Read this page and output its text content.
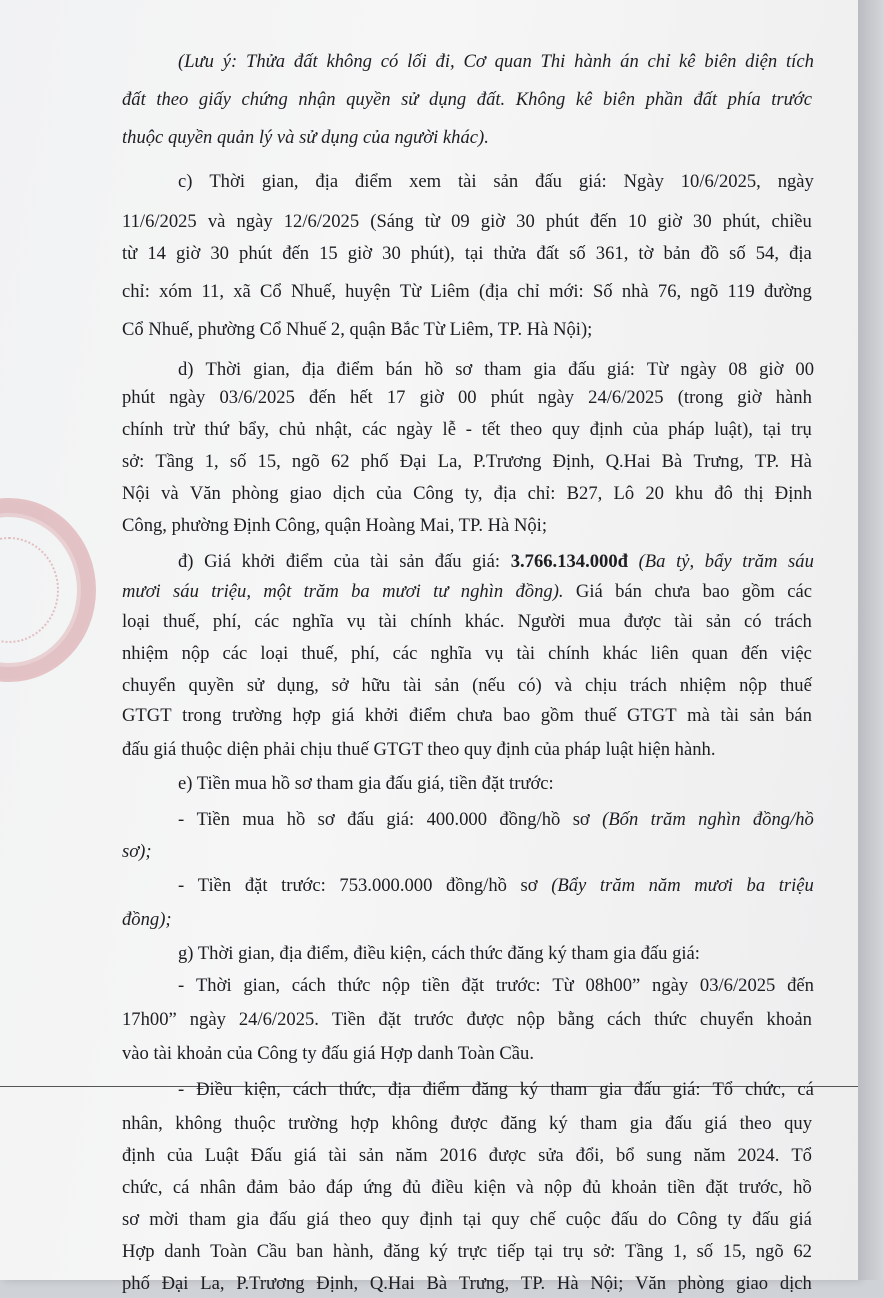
(Lưu ý: Thửa đất không có lối đi, Cơ quan Thi hành án chỉ kê biên diện tích
đất theo giấy chứng nhận quyền sử dụng đất. Không kê biên phần đất phía trước
thuộc quyền quản lý và sử dụng của người khác).
c) Thời gian, địa điểm xem tài sản đấu giá: Ngày 10/6/2025, ngày
11/6/2025 và ngày 12/6/2025 (Sáng từ 09 giờ 30 phút đến 10 giờ 30 phút, chiều
từ 14 giờ 30 phút đến 15 giờ 30 phút), tại thửa đất số 361, tờ bản đồ số 54, địa
chỉ: xóm 11, xã Cổ Nhuế, huyện Từ Liêm (địa chỉ mới: Số nhà 76, ngõ 119 đường
Cổ Nhuế, phường Cổ Nhuế 2, quận Bắc Từ Liêm, TP. Hà Nội);
d) Thời gian, địa điểm bán hồ sơ tham gia đấu giá: Từ ngày 08 giờ 00
phút ngày 03/6/2025 đến hết 17 giờ 00 phút ngày 24/6/2025 (trong giờ hành
chính trừ thứ bẩy, chủ nhật, các ngày lễ - tết theo quy định của pháp luật), tại trụ
sở: Tầng 1, số 15, ngõ 62 phố Đại La, P.Trương Định, Q.Hai Bà Trưng, TP. Hà
Nội và Văn phòng giao dịch của Công ty, địa chỉ: B27, Lô 20 khu đô thị Định
Công, phường Định Công, quận Hoàng Mai, TP. Hà Nội;
đ) Giá khởi điểm của tài sản đấu giá: 3.766.134.000đ (Ba tỷ, bẩy trăm sáu
mươi sáu triệu, một trăm ba mươi tư nghìn đồng). Giá bán chưa bao gồm các
loại thuế, phí, các nghĩa vụ tài chính khác. Người mua được tài sản có trách
nhiệm nộp các loại thuế, phí, các nghĩa vụ tài chính khác liên quan đến việc
chuyển quyền sử dụng, sở hữu tài sản (nếu có) và chịu trách nhiệm nộp thuế
GTGT trong trường hợp giá khởi điểm chưa bao gồm thuế GTGT mà tài sản bán
đấu giá thuộc diện phải chịu thuế GTGT theo quy định của pháp luật hiện hành.
e) Tiền mua hồ sơ tham gia đấu giá, tiền đặt trước:
- Tiền mua hồ sơ đấu giá: 400.000 đồng/hồ sơ (Bốn trăm nghìn đồng/hồ
sơ);
- Tiền đặt trước: 753.000.000 đồng/hồ sơ (Bẩy trăm năm mươi ba triệu
đồng);
g) Thời gian, địa điểm, điều kiện, cách thức đăng ký tham gia đấu giá:
- Thời gian, cách thức nộp tiền đặt trước: Từ 08h00” ngày 03/6/2025 đến
17h00” ngày 24/6/2025. Tiền đặt trước được nộp bằng cách thức chuyển khoản
vào tài khoản của Công ty đấu giá Hợp danh Toàn Cầu.
- Điều kiện, cách thức, địa điểm đăng ký tham gia đấu giá: Tổ chức, cá
nhân, không thuộc trường hợp không được đăng ký tham gia đấu giá theo quy
định của Luật Đấu giá tài sản năm 2016 được sửa đổi, bổ sung năm 2024. Tổ
chức, cá nhân đảm bảo đáp ứng đủ điều kiện và nộp đủ khoản tiền đặt trước, hồ
sơ mời tham gia đấu giá theo quy định tại quy chế cuộc đấu do Công ty đấu giá
Hợp danh Toàn Cầu ban hành, đăng ký trực tiếp tại trụ sở: Tầng 1, số 15, ngõ 62
phố Đại La, P.Trương Định, Q.Hai Bà Trưng, TP. Hà Nội; Văn phòng giao dịch
